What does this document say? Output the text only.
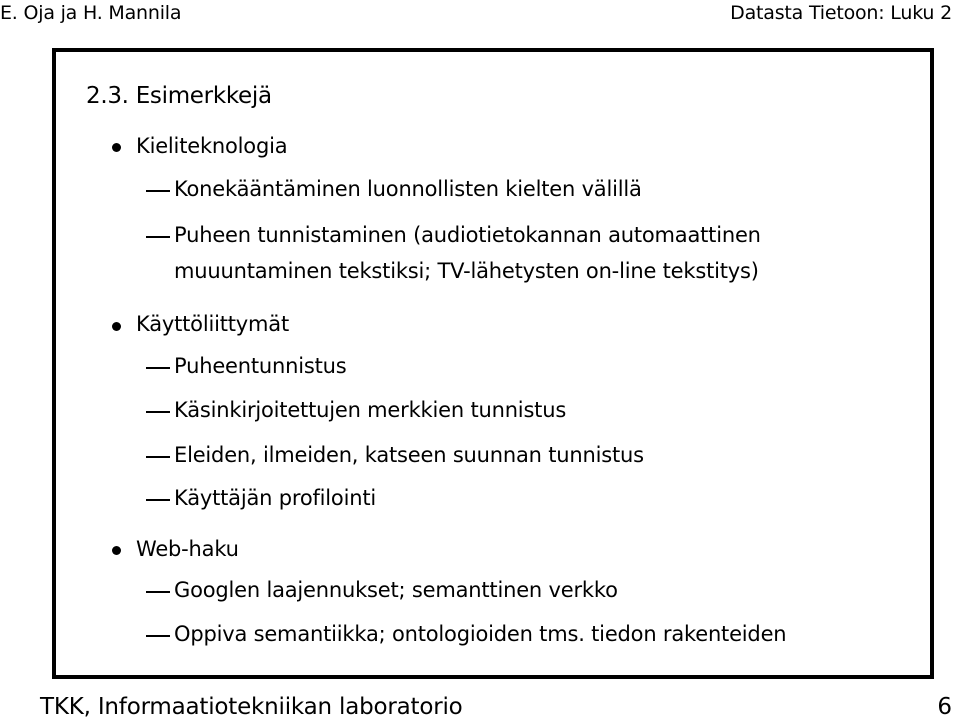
E. Oja ja H. Mannila	Datasta Tietoon: Luku 2
2.3. Esimerkkejä
Kieliteknologia
Konekääntäminen luonnollisten kielten välillä
Puheen tunnistaminen (audiotietokannan automaattinen
muuuntaminen tekstiksi; TV-lähetysten on-line tekstitys)
Käyttöliittymät
Puheentunnistus
Käsinkirjoitettujen merkkien tunnistus
Eleiden, ilmeiden, katseen suunnan tunnistus
Käyttäjän profilointi
Web-haku
Googlen laajennukset; semanttinen verkko
Oppiva semantiikka; ontologioiden tms. tiedon rakenteiden
TKK, Informaatiotekniikan laboratorio	6
